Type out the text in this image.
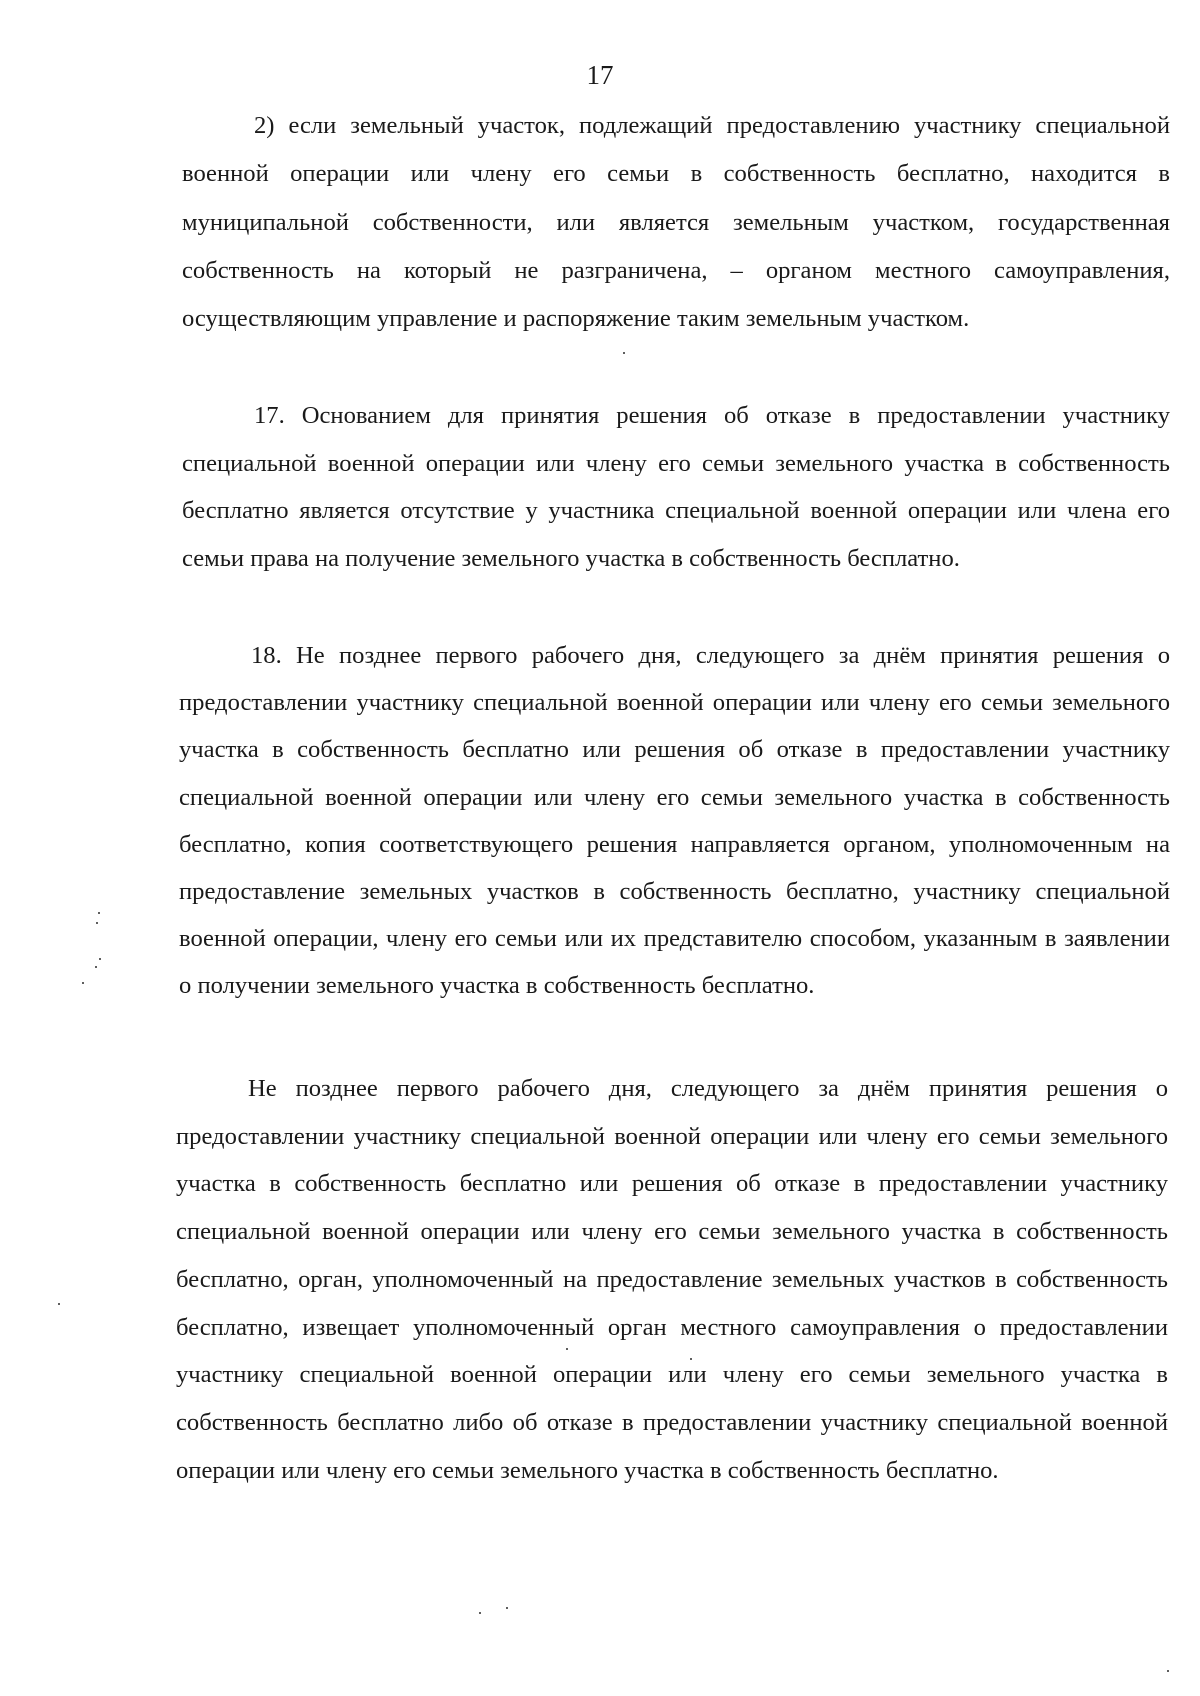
17

2) если земельный участок, подлежащий предоставлению участнику специальной военной операции или члену его семьи в собственность бесплатно, находится в муниципальной собственности, или является земельным участком, государственная собственность на который не разграничена, – органом местного самоуправления, осуществляющим управление и распоряжение таким земельным участком.

17. Основанием для принятия решения об отказе в предоставлении участнику специальной военной операции или члену его семьи земельного участка в собственность бесплатно является отсутствие у участника специальной военной операции или члена его семьи права на получение земельного участка в собственность бесплатно.

18. Не позднее первого рабочего дня, следующего за днём принятия решения о предоставлении участнику специальной военной операции или члену его семьи земельного участка в собственность бесплатно или решения об отказе в предоставлении участнику специальной военной операции или члену его семьи земельного участка в собственность бесплатно, копия соответствующего решения направляется органом, уполномоченным на предоставление земельных участков в собственность бесплатно, участнику специальной военной операции, члену его семьи или их представителю способом, указанным в заявлении о получении земельного участка в собственность бесплатно.

Не позднее первого рабочего дня, следующего за днём принятия решения о предоставлении участнику специальной военной операции или члену его семьи земельного участка в собственность бесплатно или решения об отказе в предоставлении участнику специальной военной операции или члену его семьи земельного участка в собственность бесплатно, орган, уполномоченный на предоставление земельных участков в собственность бесплатно, извещает уполномоченный орган местного самоуправления о предоставлении участнику специальной военной операции или члену его семьи земельного участка в собственность бесплатно либо об отказе в предоставлении участнику специальной военной операции или члену его семьи земельного участка в собственность бесплатно.
